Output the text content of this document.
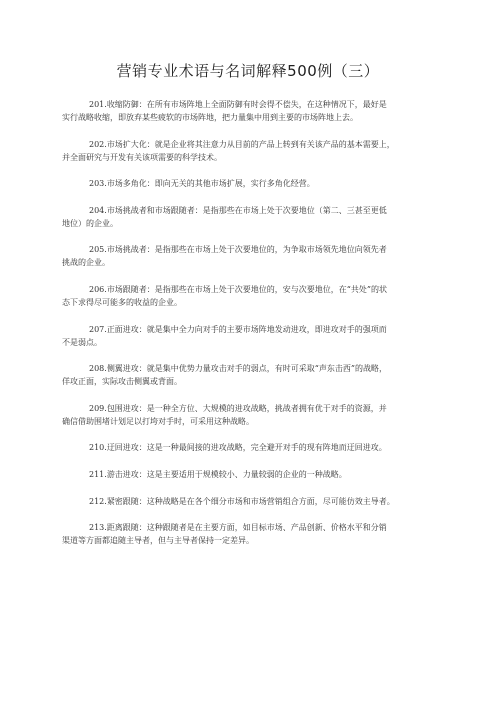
营销专业术语与名词解释500例（三）
201.收缩防御：在所有市场阵地上全面防御有时会得不偿失，在这种情况下，最好是
实行战略收缩，即放弃某些疲软的市场阵地，把力量集中用到主要的市场阵地上去。
202.市场扩大化：就是企业将其注意力从目前的产品上转到有关该产品的基本需要上，
并全面研究与开发有关该项需要的科学技术。
203.市场多角化：即向无关的其他市场扩展，实行多角化经营。
204.市场挑战者和市场跟随者：是指那些在市场上处于次要地位（第二、三甚至更低
地位）的企业。
205.市场挑战者：是指那些在市场上处于次要地位的，为争取市场领先地位向领先者
挑战的企业。
206.市场跟随者：是指那些在市场上处于次要地位的，安与次要地位，在“共处”的状
态下求得尽可能多的收益的企业。
207.正面进攻：就是集中全力向对手的主要市场阵地发动进攻，即进攻对手的强项而
不是弱点。
208.侧翼进攻：就是集中优势力量攻击对手的弱点，有时可采取“声东击西”的战略，
佯攻正面，实际攻击侧翼或背面。
209.包围进攻：是一种全方位、大规模的进攻战略，挑战者拥有优于对手的资源，并
确信借助围堵计划足以打垮对手时，可采用这种战略。
210.迂回进攻：这是一种最间接的进攻战略，完全避开对手的现有阵地而迂回进攻。
211.游击进攻：这是主要适用于规模较小、力量较弱的企业的一种战略。
212.紧密跟随：这种战略是在各个细分市场和市场营销组合方面，尽可能仿效主导者。
213.距离跟随：这种跟随者是在主要方面，如目标市场、产品创新、价格水平和分销
渠道等方面都追随主导者，但与主导者保持一定差异。
